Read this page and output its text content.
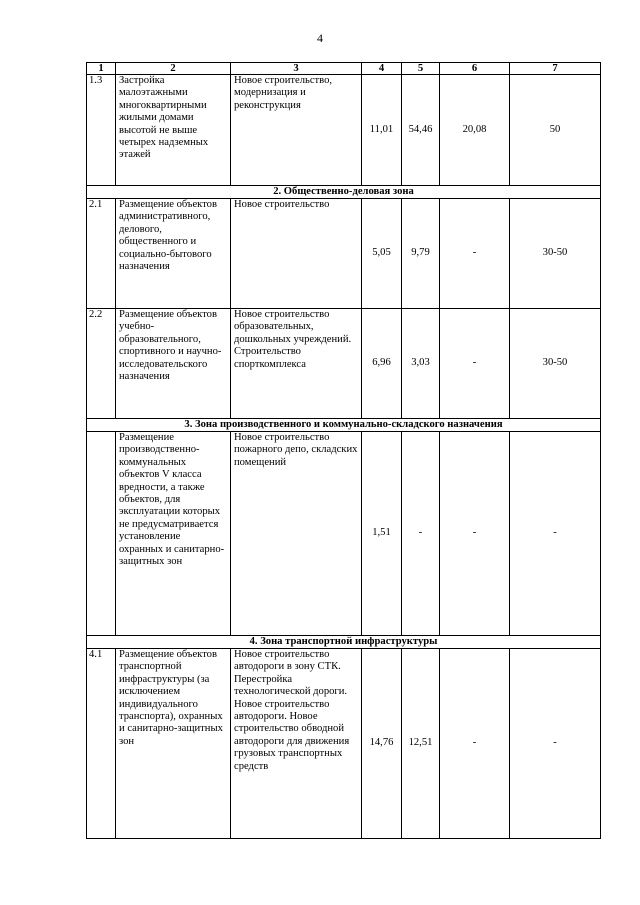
4
1	2	3	4	5	6	7
1.3	Застройка малоэтажными многоквартирными жилыми домами высотой не выше четырех надземных этажей	Новое строительство, модернизация и реконструкция	11,01	54,46	20,08	50
2. Общественно-деловая зона						
2.1	Размещение объектов административного, делового, общественного и социально-бытового назначения	Новое строительство	5,05	9,79	-	30-50
2.2	Размещение объектов учебно-образовательного, спортивного и научно-исследовательского назначения	Новое строительство образовательных, дошкольных учреждений. Строительство спорткомплекса	6,96	3,03	-	30-50
3. Зона производственного и коммунально-складского назначения						
	Размещение производственно-коммунальных объектов V класса вредности, а также объектов, для эксплуатации которых не предусматривается установление охранных и санитарно-защитных зон	Новое строительство пожарного депо, складских помещений	1,51	-	-	-
4. Зона транспортной инфраструктуры						
4.1	Размещение объектов транспортной инфраструктуры (за исключением индивидуального транспорта), охранных и санитарно-защитных зон	Новое строительство автодороги в зону СТК. Перестройка технологической дороги. Новое строительство автодороги. Новое строительство обводной автодороги для движения грузовых транспортных средств	14,76	12,51	-	-
